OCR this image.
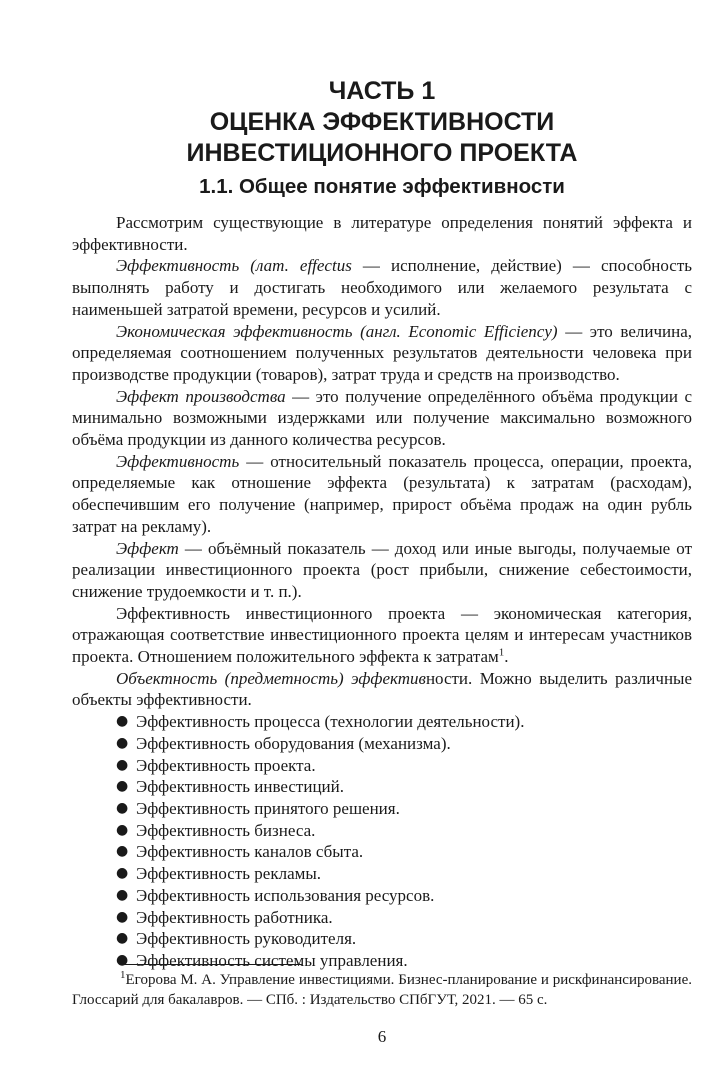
ЧАСТЬ 1
ОЦЕНКА ЭФФЕКТИВНОСТИ
ИНВЕСТИЦИОННОГО ПРОЕКТА
1.1. Общее понятие эффективности

Рассмотрим существующие в литературе определения понятий эффекта и эффективности.

Эффективность (лат. effectus — исполнение, действие) — способность выполнять работу и достигать необходимого или желаемого результата с наименьшей затратой времени, ресурсов и усилий.

Экономическая эффективность (англ. Economic Efficiency) — это величина, определяемая соотношением полученных результатов деятельности человека при производстве продукции (товаров), затрат труда и средств на производство.

Эффект производства — это получение определённого объёма продукции с минимально возможными издержками или получение максимально возможного объёма продукции из данного количества ресурсов.

Эффективность — относительный показатель процесса, операции, проекта, определяемые как отношение эффекта (результата) к затратам (расходам), обеспечившим его получение (например, прирост объёма продаж на один рубль затрат на рекламу).

Эффект — объёмный показатель — доход или иные выгоды, получаемые от реализации инвестиционного проекта (рост прибыли, снижение себестоимости, снижение трудоемкости и т. п.).

Эффективность инвестиционного проекта — экономическая категория, отражающая соответствие инвестиционного проекта целям и интересам участников проекта. Отношением положительного эффекта к затратам$^1$.

Объектность (предметность) эффективности. Можно выделить различные объекты эффективности.

● Эффективность процесса (технологии деятельности).
● Эффективность оборудования (механизма).
● Эффективность проекта.
● Эффективность инвестиций.
● Эффективность принятого решения.
● Эффективность бизнеса.
● Эффективность каналов сбыта.
● Эффективность рекламы.
● Эффективность использования ресурсов.
● Эффективность работника.
● Эффективность руководителя.
● Эффективность системы управления.

$^1$Егорова М. А. Управление инвестициями. Бизнес-планирование и рискфинансирование. Глоссарий для бакалавров. — СПб. : Издательство СПбГУТ, 2021. — 65 с.

6
